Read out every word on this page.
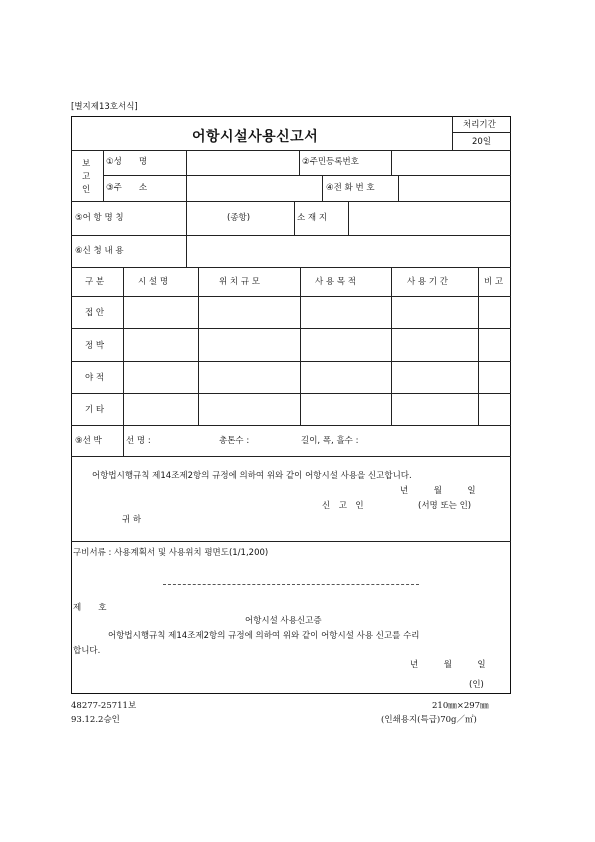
[별지제13호서식]
어항시설사용신고서
처리기간
20일
보고인
①성　　명	②주민등록번호
③주　　소	④전 화 번 호
⑤어 항 명 칭	(종항)	소 재 지
⑥신 청 내 용
구 분	시 설 명	위 치 규 모	사 용 목 적	사 용 기 간	비 고
접 안
정 박
야 적
기 타
⑨선 박	선 명 :	총톤수 :	길이, 폭, 흘수 :
어항법시행규칙 제14조제2항의 규정에 의하여 위와 같이 어항시설 사용을 신고합니다.
년　　　월　　　일
신　고　인	(서명 또는 인)
귀 하
구비서류 : 사용계획서 및 사용위치 평면도(1/1,200)
제　　호
어항시설 사용신고증
어항법시행규칙 제14조제2항의 규정에 의하여 위와 같이 어항시설 사용 신고를 수리
합니다.
년　　　월　　　일
(인)
48277-25711보
93.12.2승인
210㎜×297㎜
(인쇄용지(특급)70g／㎡)
